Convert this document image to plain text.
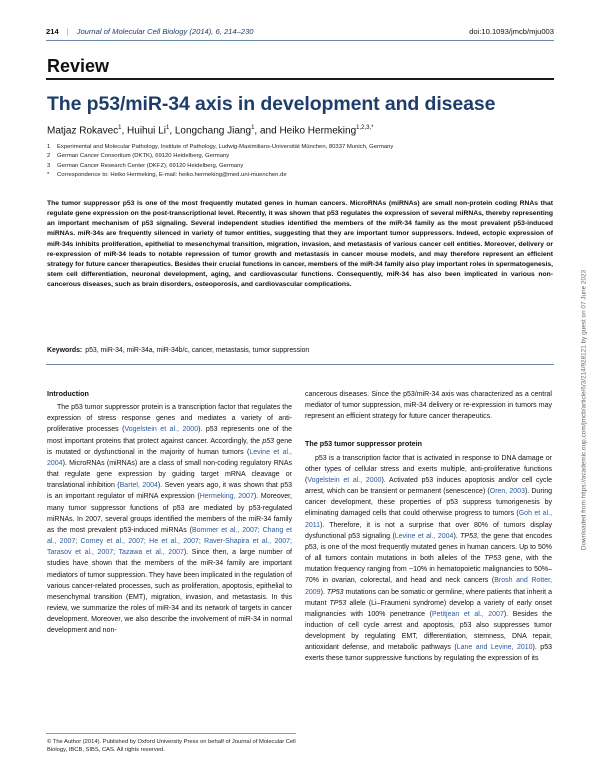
214 | Journal of Molecular Cell Biology (2014), 6, 214–230	doi:10.1093/jmcb/mju003
Review
The p53/miR-34 axis in development and disease
Matjaz Rokavec$^1$, Huihui Li$^1$, Longchang Jiang$^1$, and Heiko Hermeking$^{1,2,3,*}$
1 Experimental and Molecular Pathology, Institute of Pathology, Ludwig-Maximilians-Universität München, 80337 Munich, Germany
2 German Cancer Consortium (DKTK), 69120 Heidelberg, Germany
3 German Cancer Research Center (DKFZ), 69120 Heidelberg, Germany
* Correspondence to: Heiko Hermeking, E-mail: heiko.hermeking@med.uni-muenchen.de
The tumor suppressor p53 is one of the most frequently mutated genes in human cancers. MicroRNAs (miRNAs) are small non-protein coding RNAs that regulate gene expression on the post-transcriptional level. Recently, it was shown that p53 regulates the expression of several miRNAs, thereby representing an important mechanism of p53 signaling. Several independent studies identified the members of the miR-34 family as the most prevalent p53-induced miRNAs. miR-34s are frequently silenced in variety of tumor entities, suggesting that they are important tumor suppressors. Indeed, ectopic expression of miR-34s inhibits proliferation, epithelial to mesenchymal transition, migration, invasion, and metastasis of various cancer cell entities. Moreover, delivery or re-expression of miR-34 leads to notable repression of tumor growth and metastasis in cancer mouse models, and may therefore represent an efficient strategy for future cancer therapeutics. Besides their crucial functions in cancer, members of the miR-34 family also play important roles in spermatogenesis, stem cell differentiation, neuronal development, aging, and cardiovascular functions. Consequently, miR-34 has also been implicated in various non-cancerous diseases, such as brain disorders, osteoporosis, and cardiovascular complications.
Keywords: p53, miR-34, miR-34a, miR-34b/c, cancer, metastasis, tumor suppression
Introduction

The p53 tumor suppressor protein is a transcription factor that regulates the expression of stress response genes and mediates a variety of anti-proliferative processes (Vogelstein et al., 2000). p53 represents one of the most important proteins that protect against cancer. Accordingly, the p53 gene is mutated or dysfunctional in the majority of human tumors (Levine et al., 2004). MicroRNAs (miRNAs) are a class of small non-coding regulatory RNAs that regulate gene expression by guiding target mRNA cleavage or translational inhibition (Bartel, 2004). Seven years ago, it was shown that p53 is an important regulator of miRNA expression (Hermeking, 2007). Moreover, many tumor suppressor functions of p53 are mediated by p53-regulated miRNAs. In 2007, several groups identified the members of the miR-34 family as the most prevalent p53-induced miRNAs (Bommer et al., 2007; Chang et al., 2007; Corney et al., 2007; He et al., 2007; Raver-Shapira et al., 2007; Tarasov et al., 2007; Tazawa et al., 2007). Since then, a large number of studies have shown that the members of the miR-34 family are important mediators of tumor suppression. They have been implicated in the regulation of various cancer-related processes, such as proliferation, apoptosis, epithelial to mesenchymal transition (EMT), migration, invasion, and metastasis. In this review, we summarize the roles of miR-34 and its network of targets in cancer development. Moreover, we also describe the involvement of miR-34 in normal development and non-

cancerous diseases. Since the p53/miR-34 axis was characterized as a central mediator of tumor suppression, miR-34 delivery or re-expression in tumors may represent an efficient strategy for future cancer therapeutics.

The p53 tumor suppressor protein

p53 is a transcription factor that is activated in response to DNA damage or other types of cellular stress and exerts multiple, anti-proliferative functions (Vogelstein et al., 2000). Activated p53 induces apoptosis and/or cell cycle arrest, which can be transient or permanent (senescence) (Oren, 2003). During cancer development, these properties of p53 suppress tumorigenesis by eliminating damaged cells that could otherwise progress to tumors (Goh et al., 2011). Therefore, it is not a surprise that over 80% of tumors display dysfunctional p53 signaling (Levine et al., 2004). TP53, the gene that encodes p53, is one of the most frequently mutated genes in human cancers. Up to 50% of all tumors contain mutations in both alleles of the TP53 gene, with the mutation frequency ranging from ~10% in hematopoietic malignancies to 50%–70% in ovarian, colorectal, and head and neck cancers (Brosh and Rotter, 2009). TP53 mutations can be somatic or germline, where patients that inherit a mutant TP53 allele (Li–Fraumeni syndrome) develop a variety of early onset malignancies with 100% penetrance (Petitjean et al., 2007). Besides the induction of cell cycle arrest and apoptosis, p53 also suppresses tumor development by regulating EMT, differentiation, stemness, DNA repair, antioxidant defense, and metabolic pathways (Lane and Levine, 2010). p53 exerts these tumor suppressive functions by regulating the expression of its

© The Author (2014). Published by Oxford University Press on behalf of Journal of Molecular Cell Biology, IBCB, SIBS, CAS. All rights reserved.
Downloaded from https://academic.oup.com/jmcb/article/6/3/214/928121 by guest on 07 June 2023
